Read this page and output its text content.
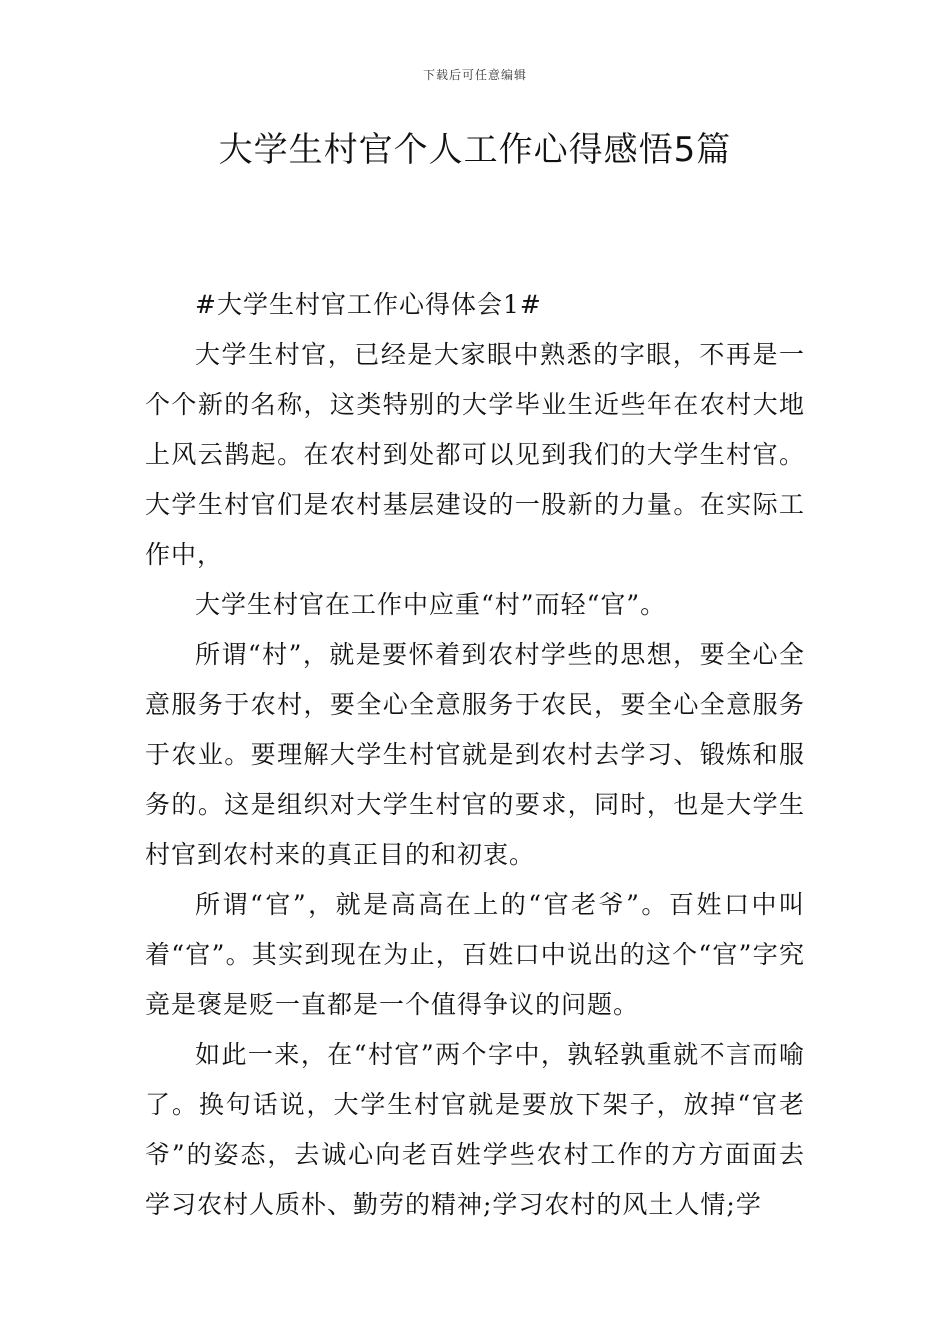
下载后可任意编辑
大学生村官个人工作心得感悟5篇

#大学生村官工作心得体会1#

大学生村官，已经是大家眼中熟悉的字眼，不再是一个个新的名称，这类特别的大学毕业生近些年在农村大地上风云鹊起。在农村到处都可以见到我们的大学生村官。大学生村官们是农村基层建设的一股新的力量。在实际工作中，

大学生村官在工作中应重“村”而轻“官”。

所谓“村”，就是要怀着到农村学些的思想，要全心全意服务于农村，要全心全意服务于农民，要全心全意服务于农业。要理解大学生村官就是到农村去学习、锻炼和服务的。这是组织对大学生村官的要求，同时，也是大学生村官到农村来的真正目的和初衷。

所谓“官”，就是高高在上的“官老爷”。百姓口中叫着“官”。其实到现在为止，百姓口中说出的这个“官”字究竟是褒是贬一直都是一个值得争议的问题。

如此一来，在“村官”两个字中，孰轻孰重就不言而喻了。换句话说，大学生村官就是要放下架子，放掉“官老爷”的姿态，去诚心向老百姓学些农村工作的方方面面去学习农村人质朴、勤劳的精神;学习农村的风土人情;学
